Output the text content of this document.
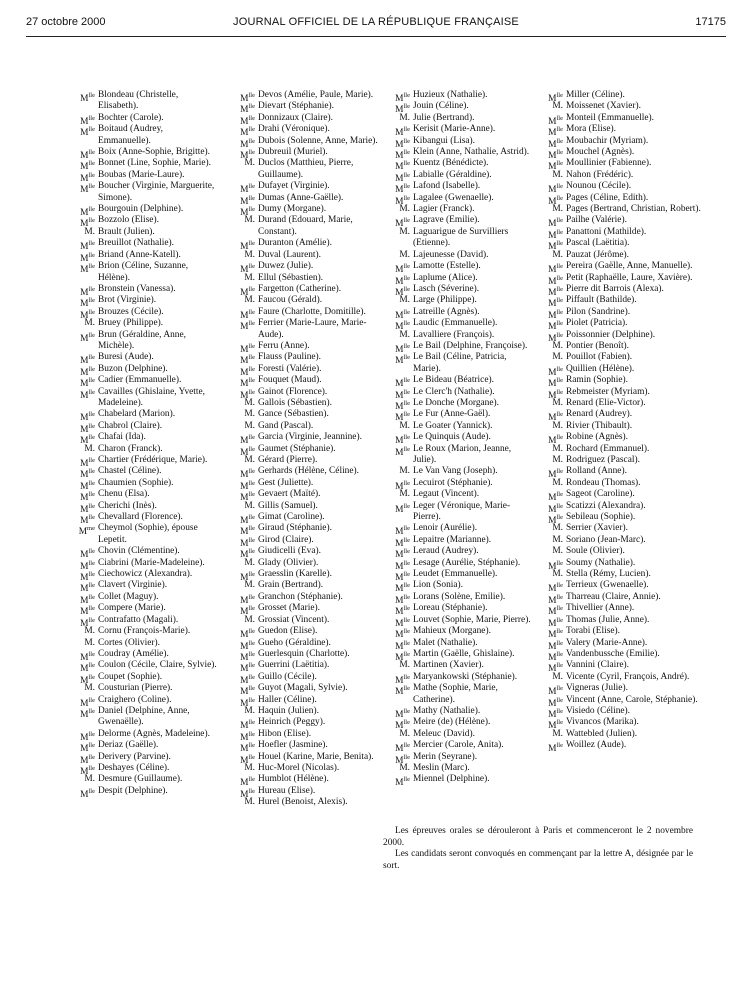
27 octobre 2000	JOURNAL OFFICIEL DE LA RÉPUBLIQUE FRANÇAISE	17175
$M^{lle}$ Blondeau (Christelle, Elisabeth).
$M^{lle}$ Bochter (Carole).
$M^{lle}$ Boitaud (Audrey, Emmanuelle).
$M^{lle}$ Boix (Anne-Sophie, Brigitte).
$M^{lle}$ Bonnet (Line, Sophie, Marie).
$M^{lle}$ Boubas (Marie-Laure).
$M^{lle}$ Boucher (Virginie, Marguerite, Simone).
$M^{lle}$ Bourgouin (Delphine).
$M^{lle}$ Bozzolo (Elise).
M. Brault (Julien).
$M^{lle}$ Breuillot (Nathalie).
$M^{lle}$ Briand (Anne-Katell).
$M^{lle}$ Brion (Céline, Suzanne, Hélène).
$M^{lle}$ Bronstein (Vanessa).
$M^{lle}$ Brot (Virginie).
$M^{lle}$ Brouzes (Cécile).
M. Bruey (Philippe).
$M^{lle}$ Brun (Géraldine, Anne, Michèle).
$M^{lle}$ Buresi (Aude).
$M^{lle}$ Buzon (Delphine).
$M^{lle}$ Cadier (Emmanuelle).
$M^{lle}$ Cavailles (Ghislaine, Yvette, Madeleine).
$M^{lle}$ Chabelard (Marion).
$M^{lle}$ Chabrol (Claire).
$M^{lle}$ Chafai (Ida).
M. Charon (Franck).
$M^{lle}$ Chartier (Frédérique, Marie).
$M^{lle}$ Chastel (Céline).
$M^{lle}$ Chaumien (Sophie).
$M^{lle}$ Chenu (Elsa).
$M^{lle}$ Cherichi (Inès).
$M^{lle}$ Chevallard (Florence).
$M^{me}$ Cheymol (Sophie), épouse Lepetit.
$M^{lle}$ Chovin (Clémentine).
$M^{lle}$ Ciabrini (Marie-Madeleine).
$M^{lle}$ Ciechowicz (Alexandra).
$M^{lle}$ Clavert (Virginie).
$M^{lle}$ Collet (Maguy).
$M^{lle}$ Compere (Marie).
$M^{lle}$ Contrafatto (Magali).
M. Cornu (François-Marie).
M. Cortes (Olivier).
$M^{lle}$ Coudray (Amélie).
$M^{lle}$ Coulon (Cécile, Claire, Sylvie).
$M^{lle}$ Coupet (Sophie).
M. Cousturian (Pierre).
$M^{lle}$ Craighero (Coline).
$M^{lle}$ Daniel (Delphine, Anne, Gwenaëlle).
$M^{lle}$ Delorme (Agnès, Madeleine).
$M^{lle}$ Deriaz (Gaëlle).
$M^{lle}$ Derivery (Parvine).
$M^{lle}$ Deshayes (Céline).
M. Desmure (Guillaume).
$M^{lle}$ Despit (Delphine).
$M^{lle}$ Devos (Amélie, Paule, Marie).
$M^{lle}$ Dievart (Stéphanie).
$M^{lle}$ Donnizaux (Claire).
$M^{lle}$ Drahi (Véronique).
$M^{lle}$ Dubois (Solenne, Anne, Marie).
$M^{lle}$ Dubreuil (Muriel).
M. Duclos (Matthieu, Pierre, Guillaume).
$M^{lle}$ Dufayet (Virginie).
$M^{lle}$ Dumas (Anne-Gaëlle).
$M^{lle}$ Dumy (Morgane).
M. Durand (Edouard, Marie, Constant).
$M^{lle}$ Duranton (Amélie).
M. Duval (Laurent).
$M^{lle}$ Duwez (Julie).
M. Ellul (Sébastien).
$M^{lle}$ Fargetton (Catherine).
M. Faucou (Gérald).
$M^{lle}$ Faure (Charlotte, Domitille).
$M^{lle}$ Ferrier (Marie-Laure, Marie-Aude).
$M^{lle}$ Ferru (Anne).
$M^{lle}$ Flauss (Pauline).
$M^{lle}$ Foresti (Valérie).
$M^{lle}$ Fouquet (Maud).
$M^{lle}$ Gainot (Florence).
M. Gallois (Sébastien).
M. Gance (Sébastien).
M. Gand (Pascal).
$M^{lle}$ Garcia (Virginie, Jeannine).
$M^{lle}$ Gaumet (Stéphanie).
M. Gérard (Pierre).
$M^{lle}$ Gerhards (Hélène, Céline).
$M^{lle}$ Gest (Juliette).
$M^{lle}$ Gevaert (Maïté).
M. Gillis (Samuel).
$M^{lle}$ Gimat (Caroline).
$M^{lle}$ Giraud (Stéphanie).
$M^{lle}$ Girod (Claire).
$M^{lle}$ Giudicelli (Eva).
M. Glady (Olivier).
$M^{lle}$ Graesslin (Karelle).
M. Grain (Bertrand).
$M^{lle}$ Granchon (Stéphanie).
$M^{lle}$ Grosset (Marie).
M. Grossiat (Vincent).
$M^{lle}$ Guedon (Elise).
$M^{lle}$ Gueho (Géraldine).
$M^{lle}$ Guerlesquin (Charlotte).
$M^{lle}$ Guerrini (Laëtitia).
$M^{lle}$ Guillo (Cécile).
$M^{lle}$ Guyot (Magali, Sylvie).
$M^{lle}$ Haller (Céline).
M. Haquin (Julien).
$M^{lle}$ Heinrich (Peggy).
$M^{lle}$ Hibon (Elise).
$M^{lle}$ Hoefler (Jasmine).
$M^{lle}$ Houel (Karine, Marie, Benita).
M. Huc-Morel (Nicolas).
$M^{lle}$ Humblot (Hélène).
$M^{lle}$ Hureau (Elise).
M. Hurel (Benoist, Alexis).
$M^{lle}$ Huzieux (Nathalie).
$M^{lle}$ Jouin (Céline).
M. Julie (Bertrand).
$M^{lle}$ Kerisit (Marie-Anne).
$M^{lle}$ Kibangui (Lisa).
$M^{lle}$ Klein (Anne, Nathalie, Astrid).
$M^{lle}$ Kuentz (Bénédicte).
$M^{lle}$ Labialle (Géraldine).
$M^{lle}$ Lafond (Isabelle).
$M^{lle}$ Lagalee (Gwenaelle).
M. Lagier (Franck).
$M^{lle}$ Lagrave (Emilie).
M. Laguarigue de Survilliers (Etienne).
M. Lajeunesse (David).
$M^{lle}$ Lamotte (Estelle).
$M^{lle}$ Laplume (Alice).
$M^{lle}$ Lasch (Séverine).
M. Large (Philippe).
$M^{lle}$ Latreille (Agnès).
$M^{lle}$ Laudic (Emmanuelle).
M. Lavalliere (François).
$M^{lle}$ Le Bail (Delphine, Françoise).
$M^{lle}$ Le Bail (Céline, Patricia, Marie).
$M^{lle}$ Le Bideau (Béatrice).
$M^{lle}$ Le Clerc'h (Nathalie).
$M^{lle}$ Le Donche (Morgane).
$M^{lle}$ Le Fur (Anne-Gaël).
M. Le Goater (Yannick).
$M^{lle}$ Le Quinquis (Aude).
$M^{lle}$ Le Roux (Marion, Jeanne, Julie).
M. Le Van Vang (Joseph).
$M^{lle}$ Lecuirot (Stéphanie).
M. Legaut (Vincent).
$M^{lle}$ Leger (Véronique, Marie-Pierre).
$M^{lle}$ Lenoir (Aurélie).
$M^{lle}$ Lepaitre (Marianne).
$M^{lle}$ Leraud (Audrey).
$M^{lle}$ Lesage (Aurélie, Stéphanie).
$M^{lle}$ Leudet (Emmanuelle).
$M^{lle}$ Lion (Sonia).
$M^{lle}$ Lorans (Solène, Emilie).
$M^{lle}$ Loreau (Stéphanie).
$M^{lle}$ Louvet (Sophie, Marie, Pierre).
$M^{lle}$ Mahieux (Morgane).
$M^{lle}$ Malet (Nathalie).
$M^{lle}$ Martin (Gaëlle, Ghislaine).
M. Martinen (Xavier).
$M^{lle}$ Maryankowski (Stéphanie).
$M^{lle}$ Mathe (Sophie, Marie, Catherine).
$M^{lle}$ Mathy (Nathalie).
$M^{lle}$ Meire (de) (Hélène).
M. Meleuc (David).
$M^{lle}$ Mercier (Carole, Anita).
$M^{lle}$ Merin (Seyrane).
M. Meslin (Marc).
$M^{lle}$ Miennel (Delphine).
$M^{lle}$ Miller (Céline).
M. Moissenet (Xavier).
$M^{lle}$ Monteil (Emmanuelle).
$M^{lle}$ Mora (Elise).
$M^{lle}$ Moubachir (Myriam).
$M^{lle}$ Mouchel (Agnès).
$M^{lle}$ Moullinier (Fabienne).
M. Nahon (Frédéric).
$M^{lle}$ Nounou (Cécile).
$M^{lle}$ Pages (Céline, Edith).
M. Pages (Bertrand, Christian, Robert).
$M^{lle}$ Pailhe (Valérie).
$M^{lle}$ Panattoni (Mathilde).
$M^{lle}$ Pascal (Laëtitia).
M. Pauzat (Jérôme).
$M^{lle}$ Pereira (Gaëlle, Anne, Manuelle).
$M^{lle}$ Petit (Raphaëlle, Laure, Xavière).
$M^{lle}$ Pierre dit Barrois (Alexa).
$M^{lle}$ Piffault (Bathilde).
$M^{lle}$ Pilon (Sandrine).
$M^{lle}$ Piolet (Patricia).
$M^{lle}$ Poissonnier (Delphine).
M. Pontier (Benoît).
M. Pouillot (Fabien).
$M^{lle}$ Quillien (Hélène).
$M^{lle}$ Ramin (Sophie).
$M^{lle}$ Rebmeister (Myriam).
M. Renard (Elie-Victor).
$M^{lle}$ Renard (Audrey).
M. Rivier (Thibault).
$M^{lle}$ Robine (Agnès).
M. Rochard (Emmanuel).
M. Rodriguez (Pascal).
$M^{lle}$ Rolland (Anne).
M. Rondeau (Thomas).
$M^{lle}$ Sageot (Caroline).
$M^{lle}$ Scatizzi (Alexandra).
$M^{lle}$ Sebileau (Sophie).
M. Serrier (Xavier).
M. Soriano (Jean-Marc).
M. Soule (Olivier).
$M^{lle}$ Soumy (Nathalie).
M. Stella (Rémy, Lucien).
$M^{lle}$ Terrieux (Gwenaelle).
$M^{lle}$ Tharreau (Claire, Annie).
$M^{lle}$ Thivellier (Anne).
$M^{lle}$ Thomas (Julie, Anne).
$M^{lle}$ Torabi (Elise).
$M^{lle}$ Valery (Marie-Anne).
$M^{lle}$ Vandenbussche (Emilie).
$M^{lle}$ Vannini (Claire).
M. Vicente (Cyril, François, André).
$M^{lle}$ Vigneras (Julie).
$M^{lle}$ Vincent (Anne, Carole, Stéphanie).
$M^{lle}$ Visiedo (Céline).
$M^{lle}$ Vivancos (Marika).
M. Wattebled (Julien).
$M^{lle}$ Woillez (Aude).

Les épreuves orales se dérouleront à Paris et commenceront le 2 novembre 2000.

Les candidats seront convoqués en commençant par la lettre A, désignée par le sort.
